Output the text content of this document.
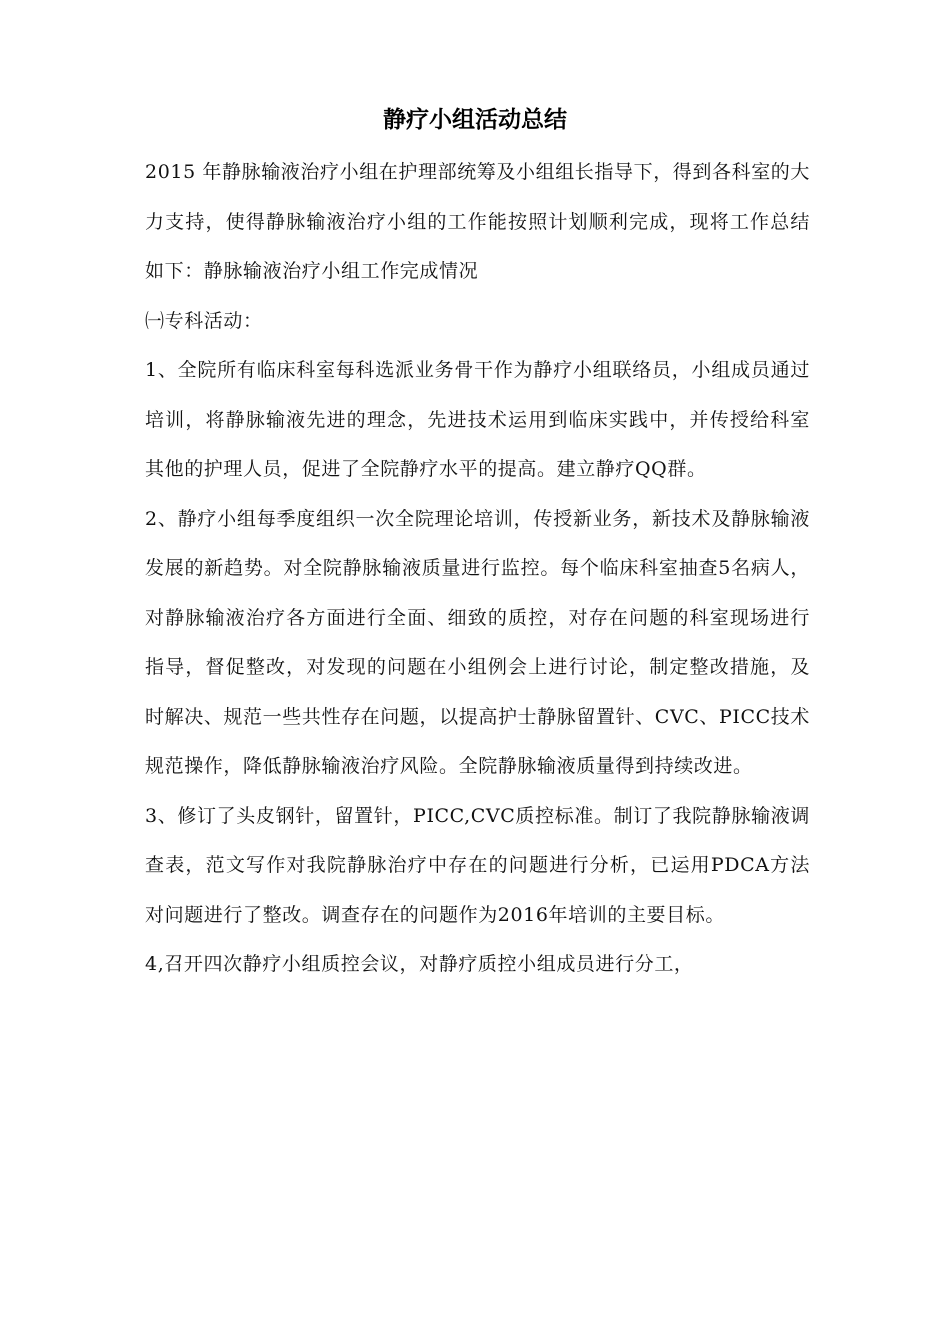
静疗小组活动总结

2015 年静脉输液治疗小组在护理部统筹及小组组长指导下，得到各科室的大力支持，使得静脉输液治疗小组的工作能按照计划顺利完成，现将工作总结如下：静脉输液治疗小组工作完成情况

㈠专科活动：

1、全院所有临床科室每科选派业务骨干作为静疗小组联络员，小组成员通过培训，将静脉输液先进的理念，先进技术运用到临床实践中，并传授给科室其他的护理人员，促进了全院静疗水平的提高。建立静疗QQ群。

2、静疗小组每季度组织一次全院理论培训，传授新业务，新技术及静脉输液发展的新趋势。对全院静脉输液质量进行监控。每个临床科室抽查5名病人，对静脉输液治疗各方面进行全面、细致的质控，对存在问题的科室现场进行指导，督促整改，对发现的问题在小组例会上进行讨论，制定整改措施，及时解决、规范一些共性存在问题，以提高护士静脉留置针、CVC、PICC技术规范操作，降低静脉输液治疗风险。全院静脉输液质量得到持续改进。

3、修订了头皮钢针，留置针，PICC,CVC质控标准。制订了我院静脉输液调查表，范文写作对我院静脉治疗中存在的问题进行分析，已运用PDCA方法对问题进行了整改。调查存在的问题作为2016年培训的主要目标。

4,召开四次静疗小组质控会议，对静疗质控小组成员进行分工，
